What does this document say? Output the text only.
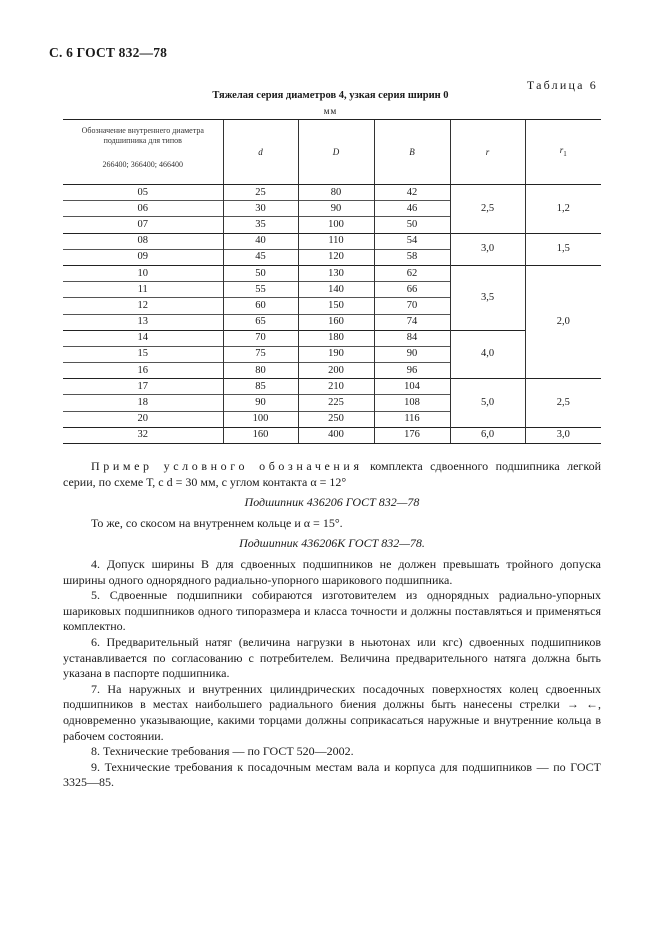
С. 6 ГОСТ 832—78
Таблица 6
Тяжелая серия диаметров 4, узкая серия ширин 0
мм
Обозначение внутреннего диаметра
подшипника для типов
266400; 366400; 466400	d	D	B	r	$r_1$
05	25	80	42	2,5	1,2
06	30	90	46		
07	35	100	50		
08	40	110	54	3,0	1,5
09	45	120	58		
10	50	130	62	3,5	2,0
11	55	140	66		
12	60	150	70		
13	65	160	74		
14	70	180	84	4,0	
15	75	190	90		
16	80	200	96		
17	85	210	104	5,0	2,5
18	90	225	108		
20	100	250	116		
32	160	400	176	6,0	3,0

Пример условного обозначения комплекта сдвоенного подшипника легкой серии, по схеме Т, с d = 30 мм, с углом контакта α = 12°

Подшипник 436206 ГОСТ 832—78

То же, со скосом на внутреннем кольце и α = 15°.

Подшипник 436206К ГОСТ 832—78.

4. Допуск ширины B для сдвоенных подшипников не должен превышать тройного допуска ширины одного однорядного радиально-упорного шарикового подшипника.

5. Сдвоенные подшипники собираются изготовителем из однорядных радиально-упорных шариковых подшипников одного типоразмера и класса точности и должны поставляться и применяться комплектно.

6. Предварительный натяг (величина нагрузки в ньютонах или кгс) сдвоенных подшипников устанавливается по согласованию с потребителем. Величина предварительного натяга должна быть указана в паспорте подшипника.

7. На наружных и внутренних цилиндрических посадочных поверхностях колец сдвоенных подшипников в местах наибольшего радиального биения должны быть нанесены стрелки → ←, одновременно указывающие, какими торцами должны соприкасаться наружные и внутренние кольца в рабочем состоянии.

8. Технические требования — по ГОСТ 520—2002.

9. Технические требования к посадочным местам вала и корпуса для подшипников — по ГОСТ 3325—85.
